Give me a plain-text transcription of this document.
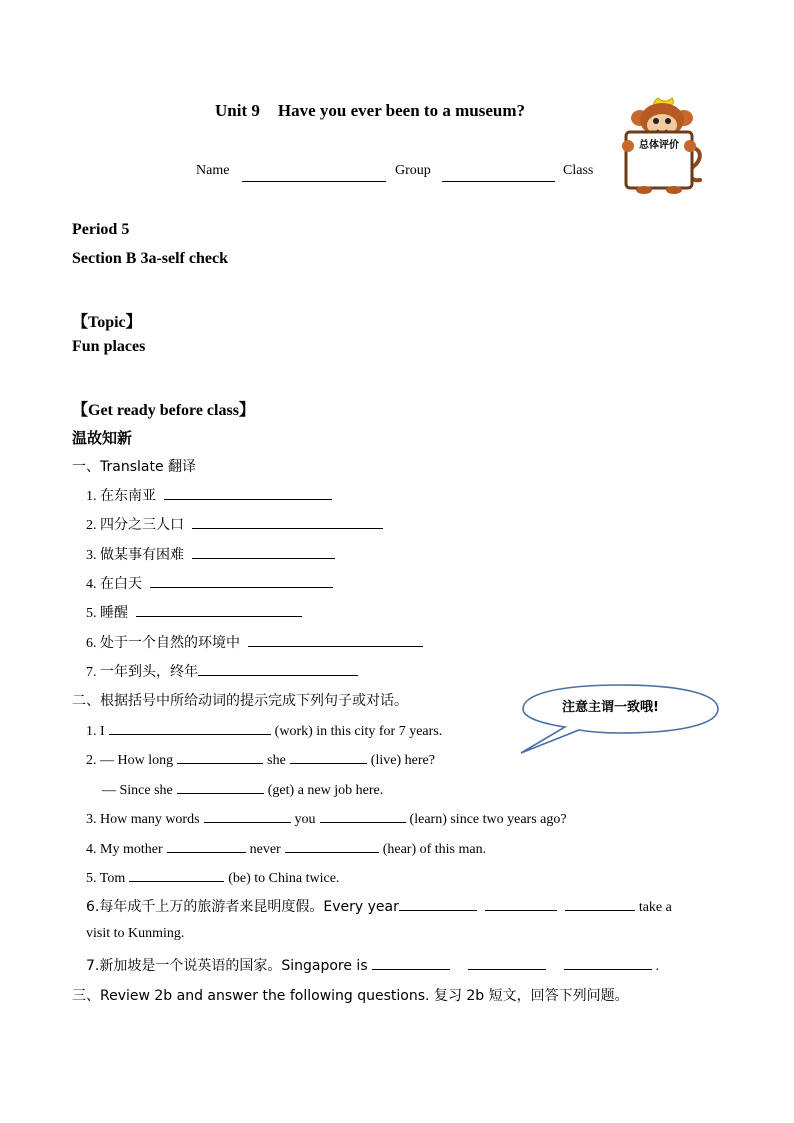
Unit 9 Have you ever been to a museum?
总体评价
Name	Group	Class
Period 5
Section B 3a-self check
【Topic】
Fun places
【Get ready before class】
温故知新
一、Translate 翻译
1. 在东南亚
2. 四分之三人口
3. 做某事有困难
4. 在白天
5. 睡醒
6. 处于一个自然的环境中
7. 一年到头，终年
二、根据括号中所给动词的提示完成下列句子或对话。	注意主谓一致哦!
1. I	(work) in this city for 7 years.
2. — How long	she	(live) here?
— Since she	(get) a new job here.
3. How many words	you	(learn) since two years ago?
4. My mother	never	(hear) of this man.
5. Tom	(be) to China twice.
6.每年成千上万的旅游者来昆明度假。Every year	take a
visit to Kunming.
7.新加坡是一个说英语的国家。Singapore is	.
三、Review 2b and answer the following questions. 复习 2b 短文，回答下列问题。
